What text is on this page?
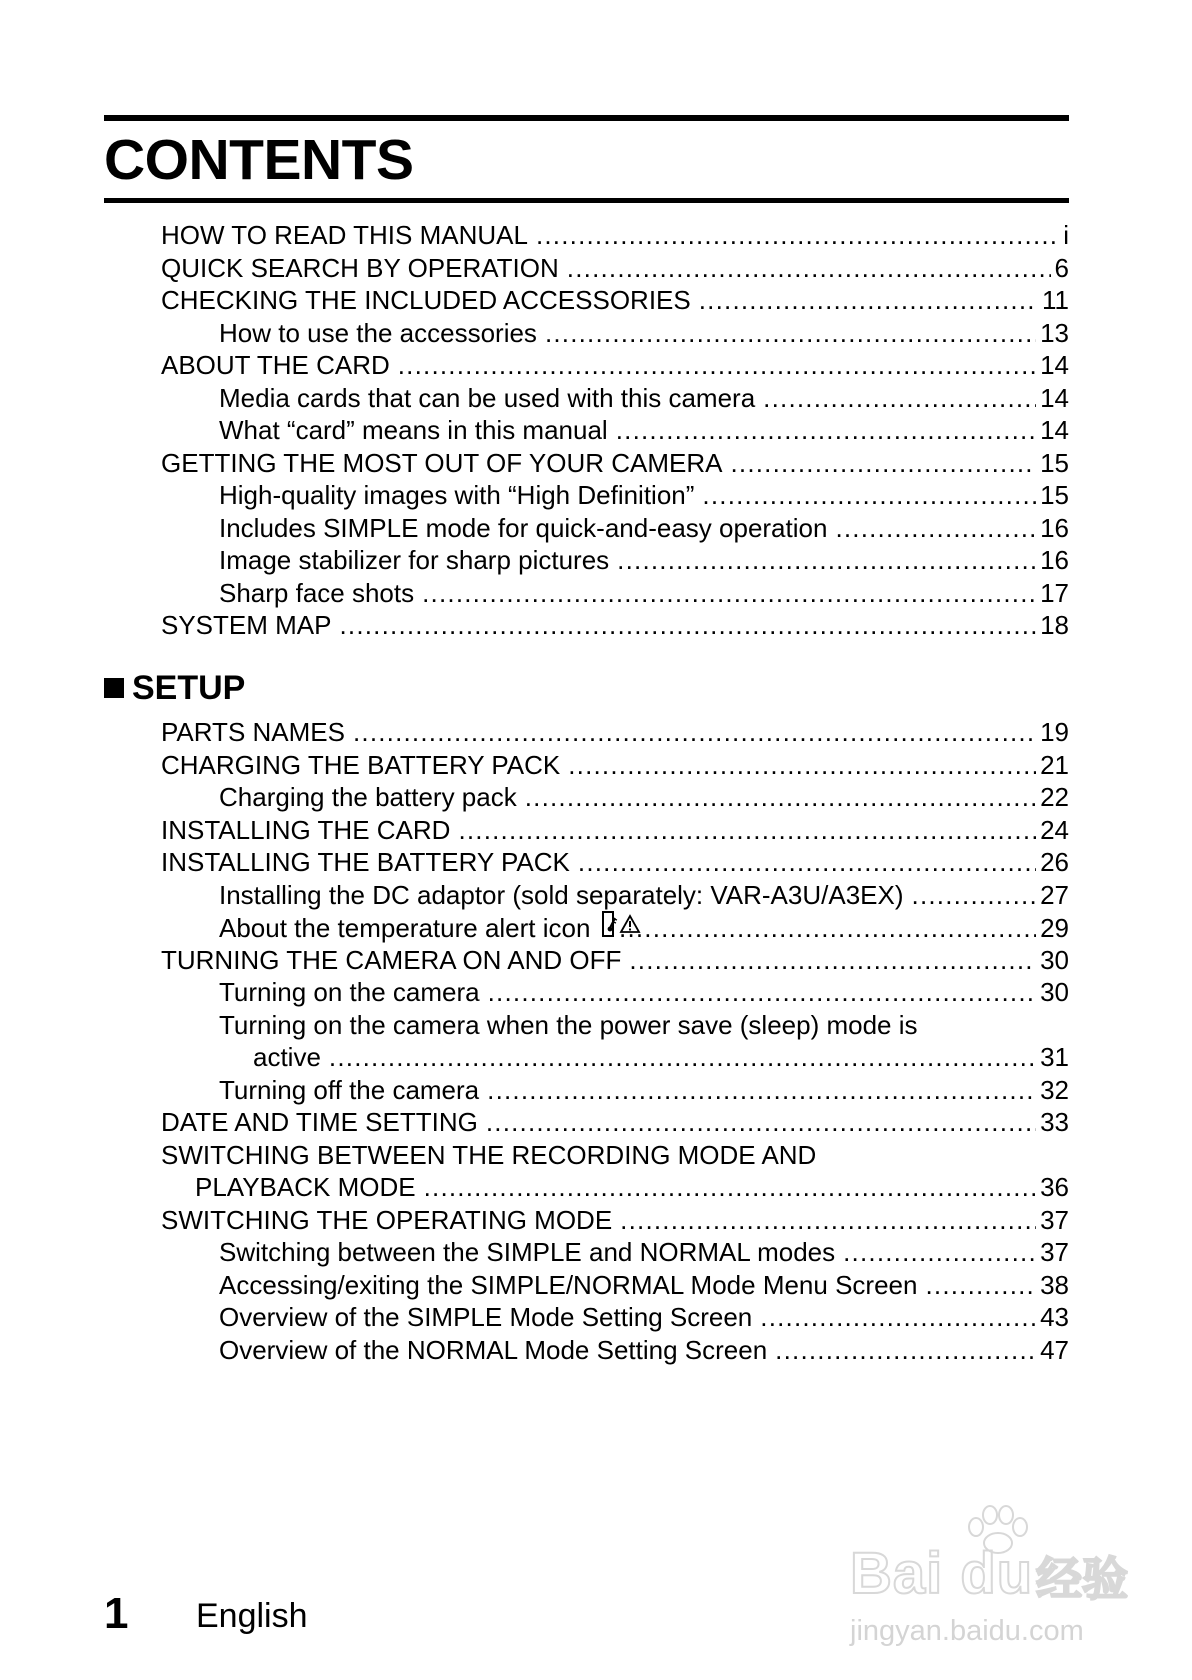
CONTENTS
HOW TO READ THIS MANUAL .....	i
QUICK SEARCH BY OPERATION .....	6
CHECKING THE INCLUDED ACCESSORIES .....	11
How to use the accessories .....	13
ABOUT THE CARD .....	14
Media cards that can be used with this camera .....	14
What “card” means in this manual .....	14
GETTING THE MOST OUT OF YOUR CAMERA .....	15
High-quality images with “High Definition” .....	15
Includes SIMPLE mode for quick-and-easy operation .....	16
Image stabilizer for sharp pictures .....	16
Sharp face shots .....	17
SYSTEM MAP .....	18
SETUP
PARTS NAMES .....	19
CHARGING THE BATTERY PACK .....	21
Charging the battery pack .....	22
INSTALLING THE CARD .....	24
INSTALLING THE BATTERY PACK .....	26
Installing the DC adaptor (sold separately: VAR-A3U/A3EX) .....	27
About the temperature alert icon .....	29
TURNING THE CAMERA ON AND OFF .....	30
Turning on the camera .....	30
Turning on the camera when the power save (sleep) mode is
active .....	31
Turning off the camera .....	32
DATE AND TIME SETTING .....	33
SWITCHING BETWEEN THE RECORDING MODE AND
PLAYBACK MODE .....	36
SWITCHING THE OPERATING MODE .....	37
Switching between the SIMPLE and NORMAL modes .....	37
Accessing/exiting the SIMPLE/NORMAL Mode Menu Screen .....	38
Overview of the SIMPLE Mode Setting Screen .....	43
Overview of the NORMAL Mode Setting Screen .....	47
1 English
Bai du 经验
jingyan.baidu.com
